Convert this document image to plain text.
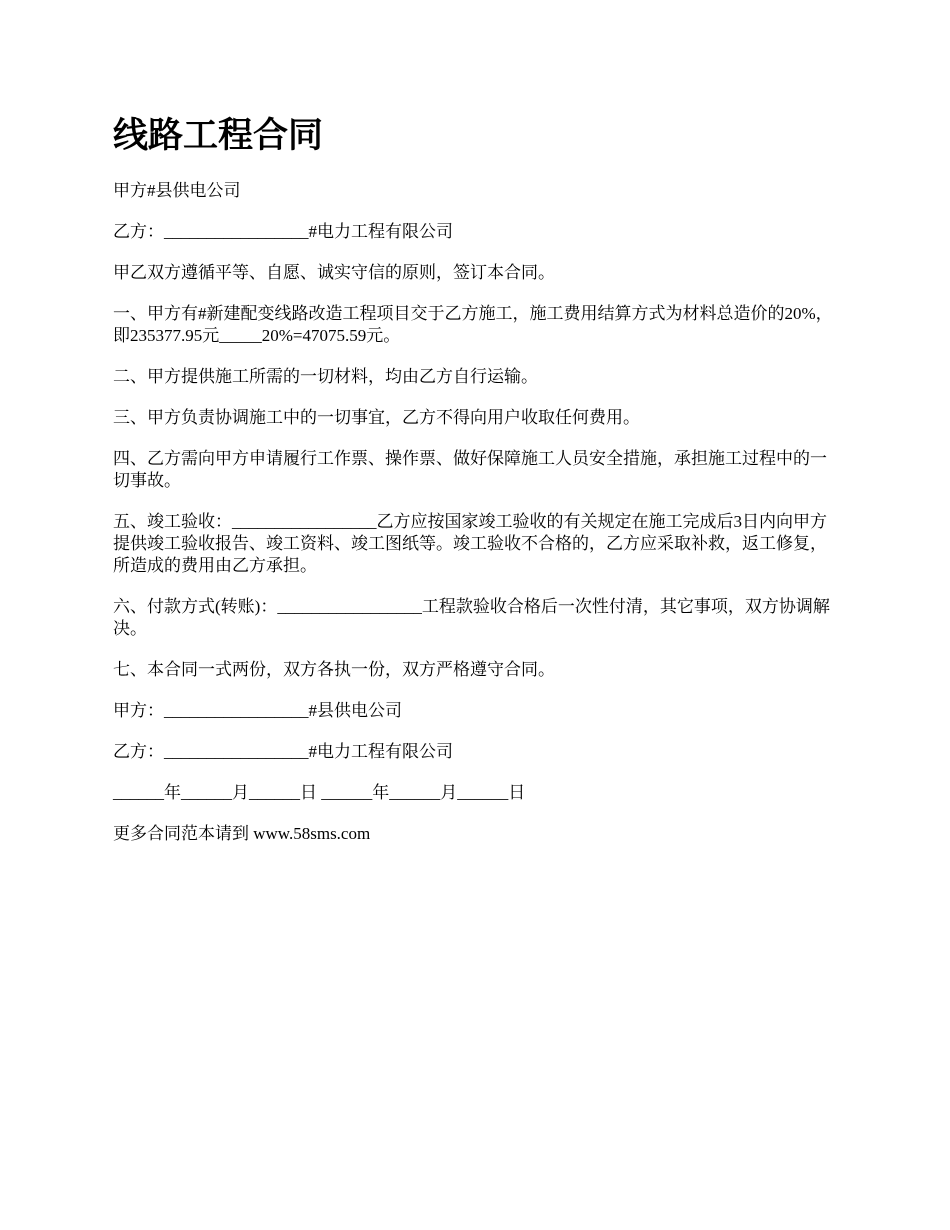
线路工程合同

甲方#县供电公司

乙方：_________________#电力工程有限公司

甲乙双方遵循平等、自愿、诚实守信的原则，签订本合同。

一、甲方有#新建配变线路改造工程项目交于乙方施工，施工费用结算方式为材料总造价的20%，即235377.95元_____20%=47075.59元。

二、甲方提供施工所需的一切材料，均由乙方自行运输。

三、甲方负责协调施工中的一切事宜，乙方不得向用户收取任何费用。

四、乙方需向甲方申请履行工作票、操作票、做好保障施工人员安全措施，承担施工过程中的一切事故。

五、竣工验收：_________________乙方应按国家竣工验收的有关规定在施工完成后3日内向甲方提供竣工验收报告、竣工资料、竣工图纸等。竣工验收不合格的，乙方应采取补救，返工修复，所造成的费用由乙方承担。

六、付款方式(转账)：_________________工程款验收合格后一次性付清，其它事项，双方协调解决。

七、本合同一式两份，双方各执一份，双方严格遵守合同。

甲方：_________________#县供电公司

乙方：_________________#电力工程有限公司

______年______月______日 ______年______月______日

更多合同范本请到 www.58sms.com
